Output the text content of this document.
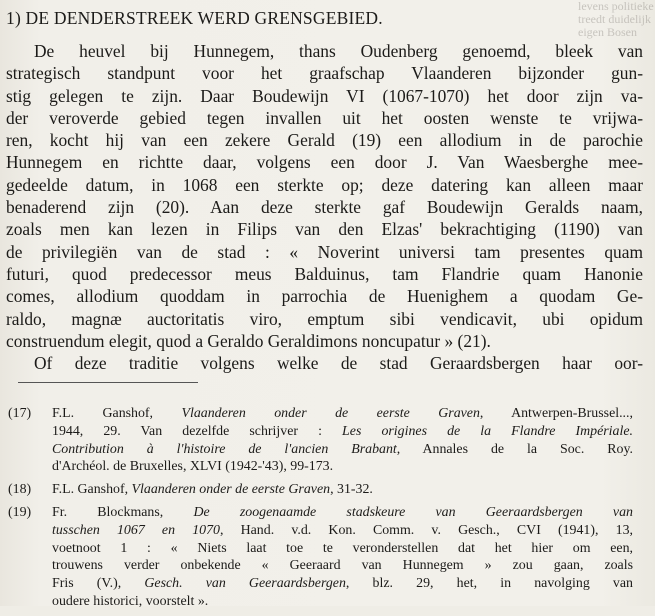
levens politieke
treedt duidelijk
eigen Bosen
1) DE DENDERSTREEK WERD GRENSGEBIED.
De heuvel bij Hunnegem, thans Oudenberg genoemd, bleek van
strategisch standpunt voor het graafschap Vlaanderen bijzonder gun-
stig gelegen te zijn. Daar Boudewijn VI (1067-1070) het door zijn va-
der veroverde gebied tegen invallen uit het oosten wenste te vrijwa-
ren, kocht hij van een zekere Gerald (19) een allodium in de parochie
Hunnegem en richtte daar, volgens een door J. Van Waesberghe mee-
gedeelde datum, in 1068 een sterkte op; deze datering kan alleen maar
benaderend zijn (20). Aan deze sterkte gaf Boudewijn Geralds naam,
zoals men kan lezen in Filips van den Elzas' bekrachtiging (1190) van
de privilegiën van de stad : « Noverint universi tam presentes quam
futuri, quod predecessor meus Balduinus, tam Flandrie quam Hanonie
comes, allodium quoddam in parrochia de Huenighem a quodam Ge-
raldo, magnæ auctoritatis viro, emptum sibi vendicavit, ubi opidum
construendum elegit, quod a Geraldo Geraldimons noncupatur » (21).
Of deze traditie volgens welke de stad Geraardsbergen haar oor-
(17) F.L. Ganshof, Vlaanderen onder de eerste Graven, Antwerpen-Brussel...,
1944, 29. Van dezelfde schrijver : Les origines de la Flandre Impériale.
Contribution à l'histoire de l'ancien Brabant, Annales de la Soc. Roy.
d'Archéol. de Bruxelles, XLVI (1942-'43), 99-173.
(18) F.L. Ganshof, Vlaanderen onder de eerste Graven, 31-32.
(19) Fr. Blockmans, De zoogenaamde stadskeure van Geeraardsbergen van
tusschen 1067 en 1070, Hand. v.d. Kon. Comm. v. Gesch., CVI (1941), 13,
voetnoot 1 : « Niets laat toe te veronderstellen dat het hier om een,
trouwens verder onbekende « Geeraard van Hunnegem » zou gaan, zoals
Fris (V.), Gesch. van Geeraardsbergen, blz. 29, het, in navolging van
oudere historici, voorstelt ».
